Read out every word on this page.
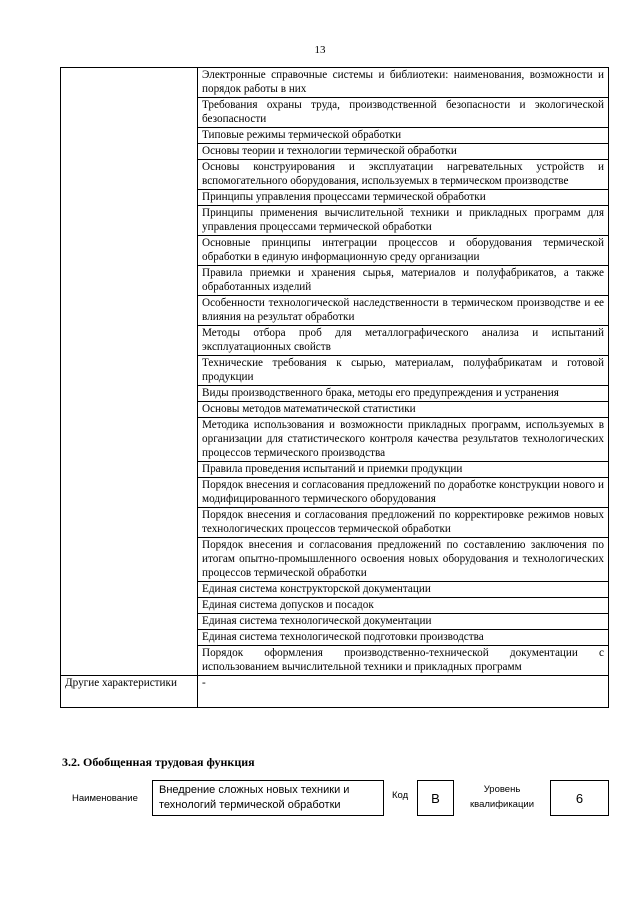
13
	Электронные справочные системы и библиотеки: наименования, возможности и порядок работы в них
	Требования охраны труда, производственной безопасности и экологической безопасности
	Типовые режимы термической обработки
	Основы теории и технологии термической обработки
	Основы конструирования и эксплуатации нагревательных устройств и вспомогательного оборудования, используемых в термическом производстве
	Принципы управления процессами термической обработки
	Принципы применения вычислительной техники и прикладных программ для управления процессами термической обработки
	Основные принципы интеграции процессов и оборудования термической обработки в единую информационную среду организации
	Правила приемки и хранения сырья, материалов и полуфабрикатов, а также обработанных изделий
	Особенности технологической наследственности в термическом производстве и ее влияния на результат обработки
	Методы отбора проб для металлографического анализа и испытаний эксплуатационных свойств
	Технические требования к сырью, материалам, полуфабрикатам и готовой продукции
	Виды производственного брака, методы его предупреждения и устранения
	Основы методов математической статистики
	Методика использования и возможности прикладных программ, используемых в организации для статистического контроля качества результатов технологических процессов термического производства
	Правила проведения испытаний и приемки продукции
	Порядок внесения и согласования предложений по доработке конструкции нового и модифицированного термического оборудования
	Порядок внесения и согласования предложений по корректировке режимов новых технологических процессов термической обработки
	Порядок внесения и согласования предложений по составлению заключения по итогам опытно-промышленного освоения новых оборудования и технологических процессов термической обработки
	Единая система конструкторской документации
	Единая система допусков и посадок
	Единая система технологической документации
	Единая система технологической подготовки производства
	Порядок оформления производственно-технической документации с использованием вычислительной техники и прикладных программ
Другие характеристики	-
3.2. Обобщенная трудовая функция
Наименование
Внедрение сложных новых техники и технологий термической обработки
Код	В
Уровень квалификации	6
